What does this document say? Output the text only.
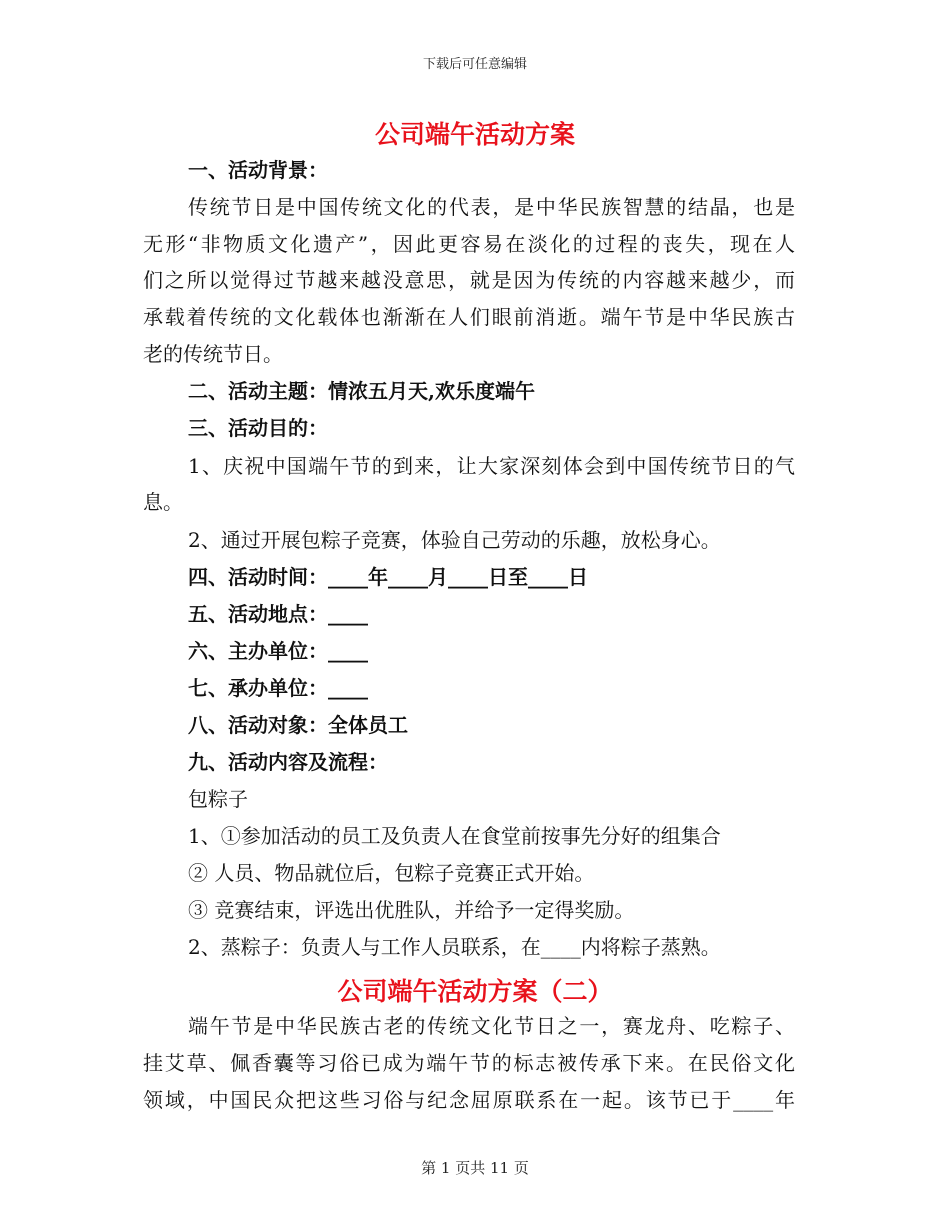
下载后可任意编辑
公司端午活动方案
一、活动背景：
传统节日是中国传统文化的代表，是中华民族智慧的结晶，也是
无形“非物质文化遗产”，因此更容易在淡化的过程的丧失，现在人
们之所以觉得过节越来越没意思，就是因为传统的内容越来越少，而
承载着传统的文化载体也渐渐在人们眼前消逝。端午节是中华民族古
老的传统节日。
二、活动主题：情浓五月天,欢乐度端午
三、活动目的：
1、庆祝中国端午节的到来，让大家深刻体会到中国传统节日的气
息。
2、通过开展包粽子竞赛，体验自己劳动的乐趣，放松身心。
四、活动时间：____年____月____日至____日
五、活动地点：____
六、主办单位：____
七、承办单位：____
八、活动对象：全体员工
九、活动内容及流程：
包粽子
1、①参加活动的员工及负责人在食堂前按事先分好的组集合
② 人员、物品就位后，包粽子竞赛正式开始。
③ 竞赛结束，评选出优胜队，并给予一定得奖励。
2、蒸粽子：负责人与工作人员联系，在____内将粽子蒸熟。
公司端午活动方案（二）
端午节是中华民族古老的传统文化节日之一，赛龙舟、吃粽子、
挂艾草、佩香囊等习俗已成为端午节的标志被传承下来。在民俗文化
领域，中国民众把这些习俗与纪念屈原联系在一起。该节已于____年
第 1 页共 11 页
